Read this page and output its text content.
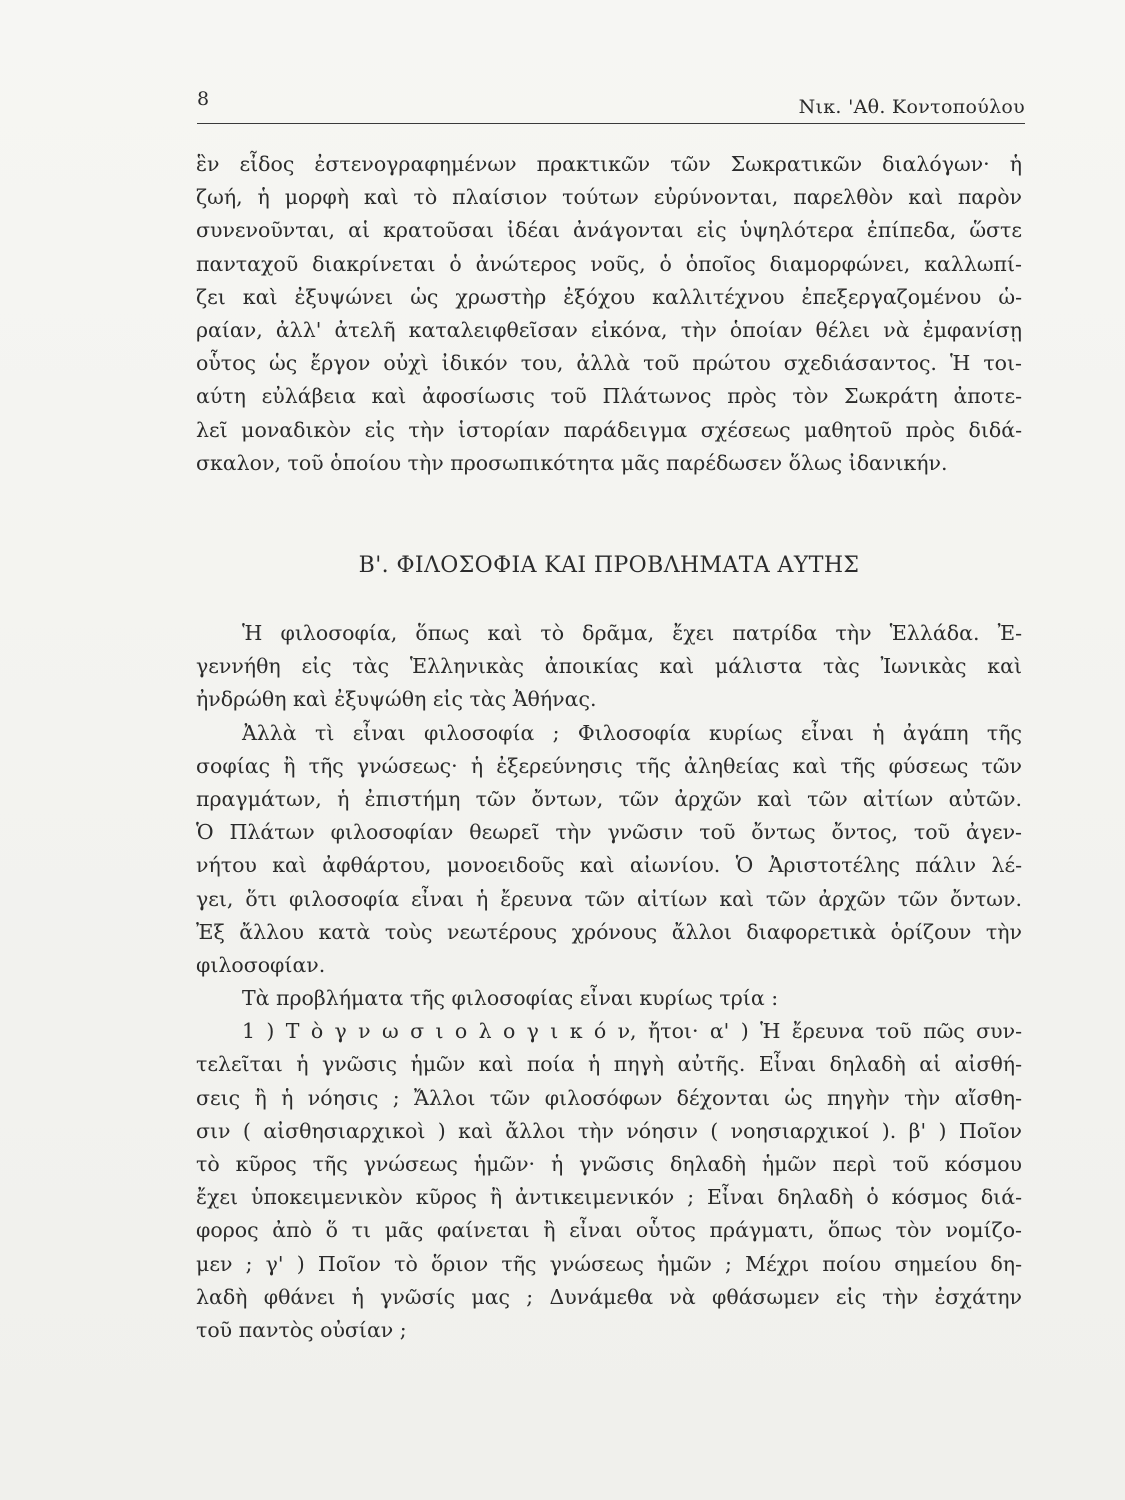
8	Νικ. 'Αθ. Κοντοπούλου
ἓν εἶδος ἐστενογραφημένων πρακτικῶν τῶν Σωκρατικῶν διαλόγων· ἡ
ζωή, ἡ μορφὴ καὶ τὸ πλαίσιον τούτων εὐρύνονται, παρελθὸν καὶ παρὸν
συνενοῦνται, αἱ κρατοῦσαι ἰδέαι ἀνάγονται εἰς ὑψηλότερα ἐπίπεδα, ὥστε
πανταχοῦ διακρίνεται ὁ ἀνώτερος νοῦς, ὁ ὁποῖος διαμορφώνει, καλλωπί-
ζει καὶ ἐξυψώνει ὡς χρωστὴρ ἐξόχου καλλιτέχνου ἐπεξεργαζομένου ὡ-
ραίαν, ἀλλ' ἀτελῆ καταλειφθεῖσαν εἰκόνα, τὴν ὁποίαν θέλει νὰ ἐμφανίσῃ
οὗτος ὡς ἔργον οὐχὶ ἰδικόν του, ἀλλὰ τοῦ πρώτου σχεδιάσαντος. Ἡ τοι-
αύτη εὐλάβεια καὶ ἀφοσίωσις τοῦ Πλάτωνος πρὸς τὸν Σωκράτη ἀποτε-
λεῖ μοναδικὸν εἰς τὴν ἱστορίαν παράδειγμα σχέσεως μαθητοῦ πρὸς διδά-
σκαλον, τοῦ ὁποίου τὴν προσωπικότητα μᾶς παρέδωσεν ὅλως ἰδανικήν.
Β'. ΦΙΛΟΣΟΦΙΑ ΚΑΙ ΠΡΟΒΛΗΜΑΤΑ ΑΥΤΗΣ
Ἡ φιλοσοφία, ὅπως καὶ τὸ δρᾶμα, ἔχει πατρίδα τὴν Ἑλλάδα. Ἐ-
γεννήθη εἰς τὰς Ἑλληνικὰς ἀποικίας καὶ μάλιστα τὰς Ἰωνικὰς καὶ
ἠνδρώθη καὶ ἐξυψώθη εἰς τὰς Ἀθήνας.
Ἀλλὰ τὶ εἶναι φιλοσοφία ; Φιλοσοφία κυρίως εἶναι ἡ ἀγάπη τῆς
σοφίας ἢ τῆς γνώσεως· ἡ ἐξερεύνησις τῆς ἀληθείας καὶ τῆς φύσεως τῶν
πραγμάτων, ἡ ἐπιστήμη τῶν ὄντων, τῶν ἀρχῶν καὶ τῶν αἰτίων αὐτῶν.
Ὁ Πλάτων φιλοσοφίαν θεωρεῖ τὴν γνῶσιν τοῦ ὄντως ὄντος, τοῦ ἀγεν-
νήτου καὶ ἀφθάρτου, μονοειδοῦς καὶ αἰωνίου. Ὁ Ἀριστοτέλης πάλιν λέ-
γει, ὅτι φιλοσοφία εἶναι ἡ ἔρευνα τῶν αἰτίων καὶ τῶν ἀρχῶν τῶν ὄντων.
Ἐξ ἄλλου κατὰ τοὺς νεωτέρους χρόνους ἄλλοι διαφορετικὰ ὁρίζουν τὴν
φιλοσοφίαν.
Τὰ προβλήματα τῆς φιλοσοφίας εἶναι κυρίως τρία :
1 ) Τ ὸ γ ν ω σ ι ο λ ο γ ι κ ό ν, ἤτοι· α' ) Ἡ ἔρευνα τοῦ πῶς συν-
τελεῖται ἡ γνῶσις ἡμῶν καὶ ποία ἡ πηγὴ αὐτῆς. Εἶναι δηλαδὴ αἱ αἰσθή-
σεις ἢ ἡ νόησις ; Ἄλλοι τῶν φιλοσόφων δέχονται ὡς πηγὴν τὴν αἴσθη-
σιν ( αἰσθησιαρχικοὶ ) καὶ ἄλλοι τὴν νόησιν ( νοησιαρχικοί ). β' ) Ποῖον
τὸ κῦρος τῆς γνώσεως ἡμῶν· ἡ γνῶσις δηλαδὴ ἡμῶν περὶ τοῦ κόσμου
ἔχει ὑποκειμενικὸν κῦρος ἢ ἀντικειμενικόν ; Εἶναι δηλαδὴ ὁ κόσμος διά-
φορος ἀπὸ ὅ τι μᾶς φαίνεται ἢ εἶναι οὗτος πράγματι, ὅπως τὸν νομίζο-
μεν ; γ' ) Ποῖον τὸ ὅριον τῆς γνώσεως ἡμῶν ; Μέχρι ποίου σημείου δη-
λαδὴ φθάνει ἡ γνῶσίς μας ; Δυνάμεθα νὰ φθάσωμεν εἰς τὴν ἐσχάτην
τοῦ παντὸς οὐσίαν ;
